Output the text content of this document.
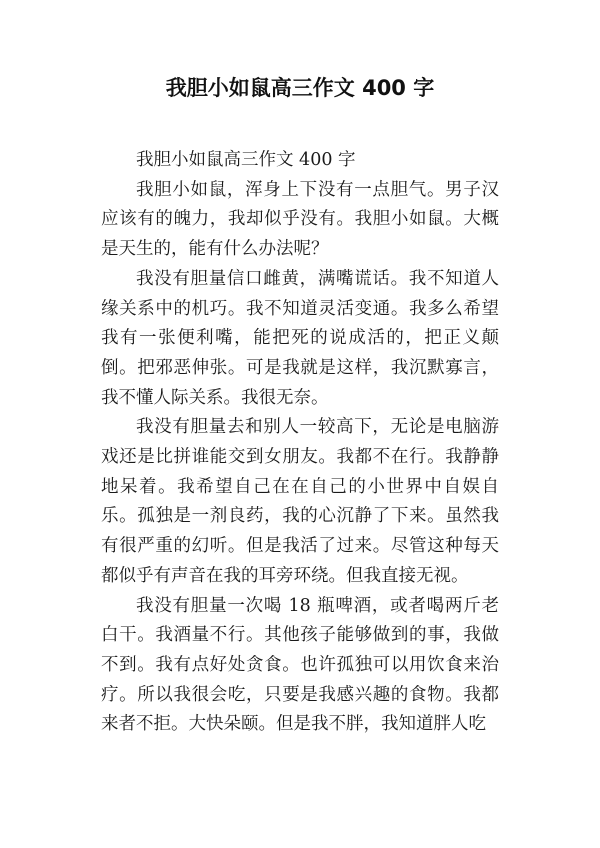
我胆小如鼠高三作文 400 字

我胆小如鼠高三作文 400 字

我胆小如鼠，浑身上下没有一点胆气。男子汉应该有的魄力，我却似乎没有。我胆小如鼠。大概是天生的，能有什么办法呢？

我没有胆量信口雌黄，满嘴谎话。我不知道人缘关系中的机巧。我不知道灵活变通。我多么希望我有一张便利嘴，能把死的说成活的，把正义颠倒。把邪恶伸张。可是我就是这样，我沉默寡言，我不懂人际关系。我很无奈。

我没有胆量去和别人一较高下，无论是电脑游戏还是比拼谁能交到女朋友。我都不在行。我静静地呆着。我希望自己在在自己的小世界中自娱自乐。孤独是一剂良药，我的心沉静了下来。虽然我有很严重的幻听。但是我活了过来。尽管这种每天都似乎有声音在我的耳旁环绕。但我直接无视。

我没有胆量一次喝 18 瓶啤酒，或者喝两斤老白干。我酒量不行。其他孩子能够做到的事，我做不到。我有点好处贪食。也许孤独可以用饮食来治疗。所以我很会吃，只要是我感兴趣的食物。我都来者不拒。大快朵颐。但是我不胖，我知道胖人吃
